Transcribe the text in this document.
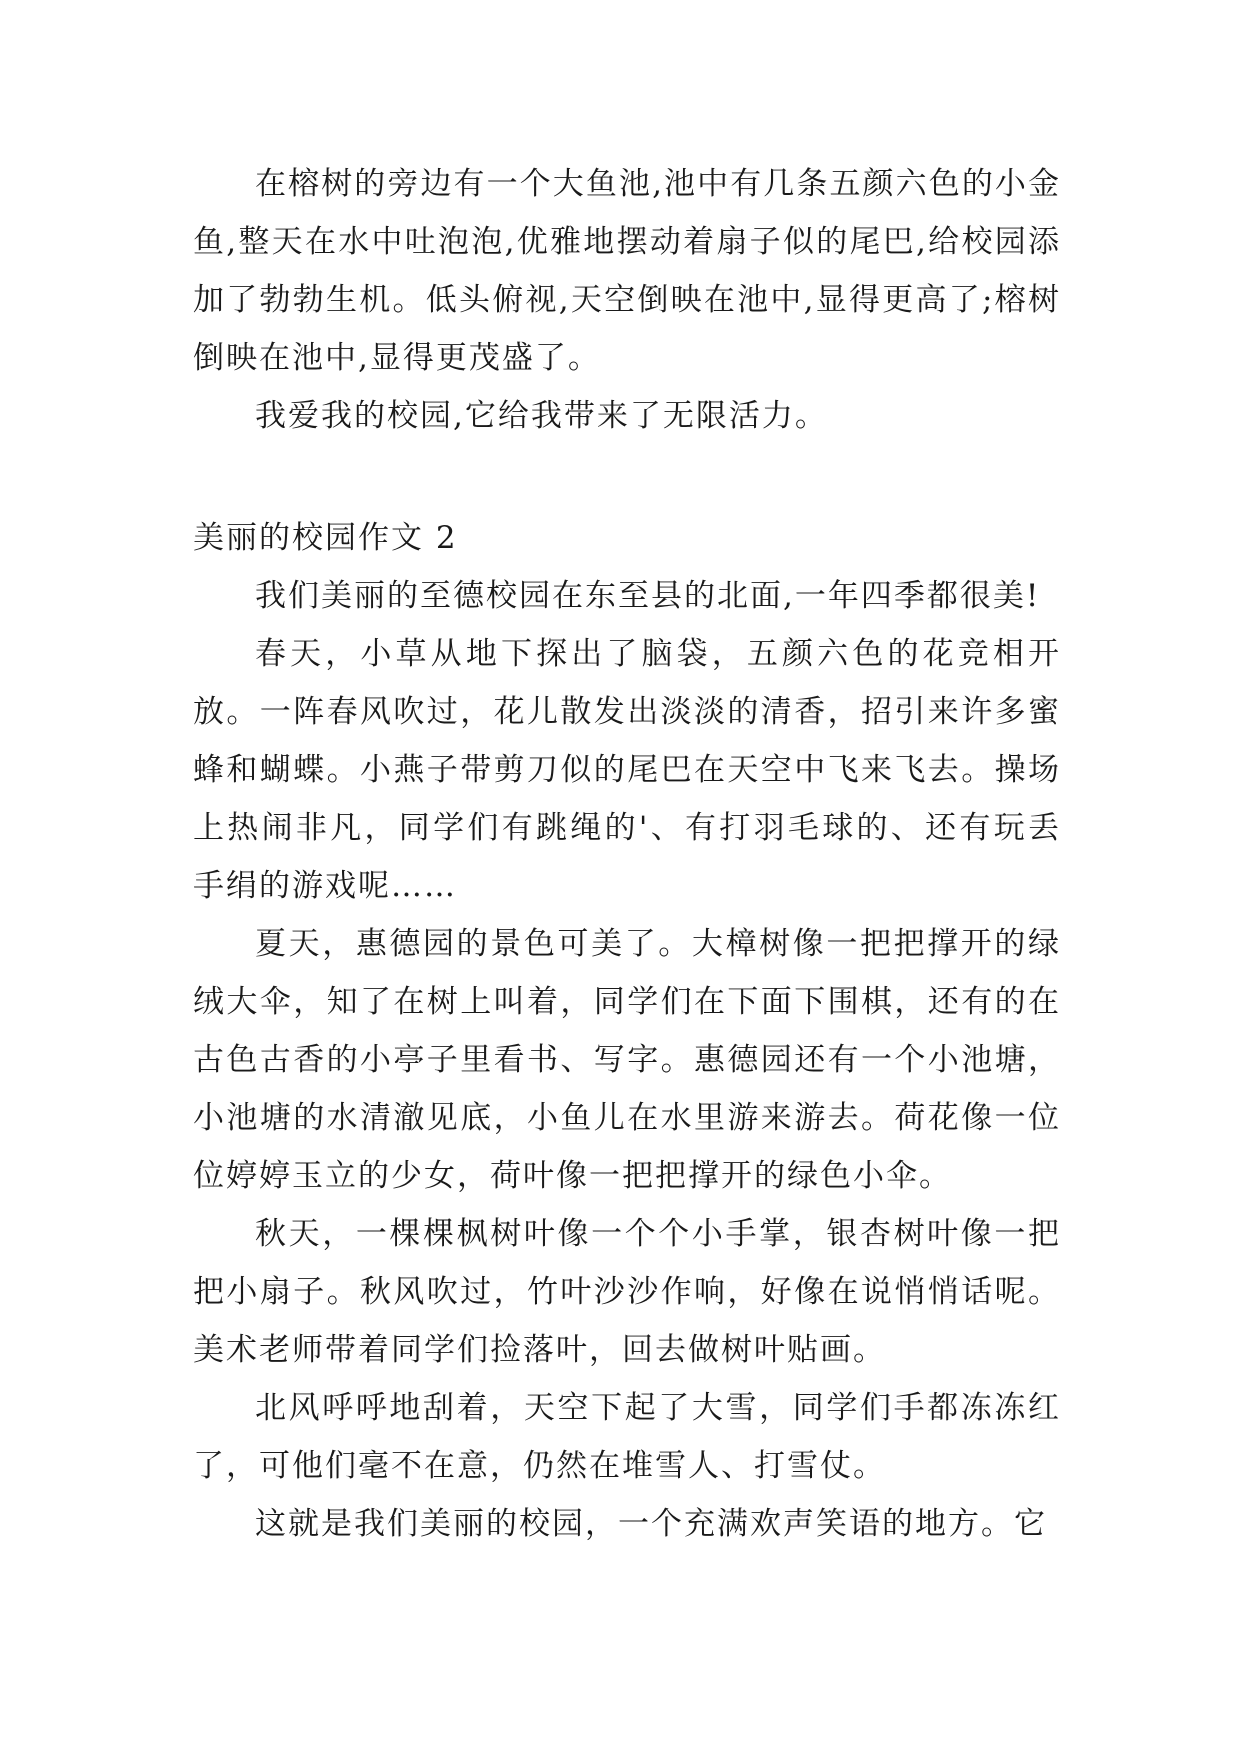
在榕树的旁边有一个大鱼池,池中有几条五颜六色的小金鱼,整天在水中吐泡泡,优雅地摆动着扇子似的尾巴,给校园添加了勃勃生机。低头俯视,天空倒映在池中,显得更高了;榕树倒映在池中,显得更茂盛了。

我爱我的校园,它给我带来了无限活力。

美丽的校园作文 2

我们美丽的至德校园在东至县的北面,一年四季都很美!

春天，小草从地下探出了脑袋，五颜六色的花竞相开放。一阵春风吹过，花儿散发出淡淡的清香，招引来许多蜜蜂和蝴蝶。小燕子带剪刀似的尾巴在天空中飞来飞去。操场上热闹非凡，同学们有跳绳的'、有打羽毛球的、还有玩丢手绢的游戏呢……

夏天，惠德园的景色可美了。大樟树像一把把撑开的绿绒大伞，知了在树上叫着，同学们在下面下围棋，还有的在古色古香的小亭子里看书、写字。惠德园还有一个小池塘，小池塘的水清澈见底，小鱼儿在水里游来游去。荷花像一位位婷婷玉立的少女，荷叶像一把把撑开的绿色小伞。

秋天，一棵棵枫树叶像一个个小手掌，银杏树叶像一把把小扇子。秋风吹过，竹叶沙沙作响，好像在说悄悄话呢。美术老师带着同学们捡落叶，回去做树叶贴画。

北风呼呼地刮着，天空下起了大雪，同学们手都冻冻红了，可他们毫不在意，仍然在堆雪人、打雪仗。

这就是我们美丽的校园，一个充满欢声笑语的地方。它
